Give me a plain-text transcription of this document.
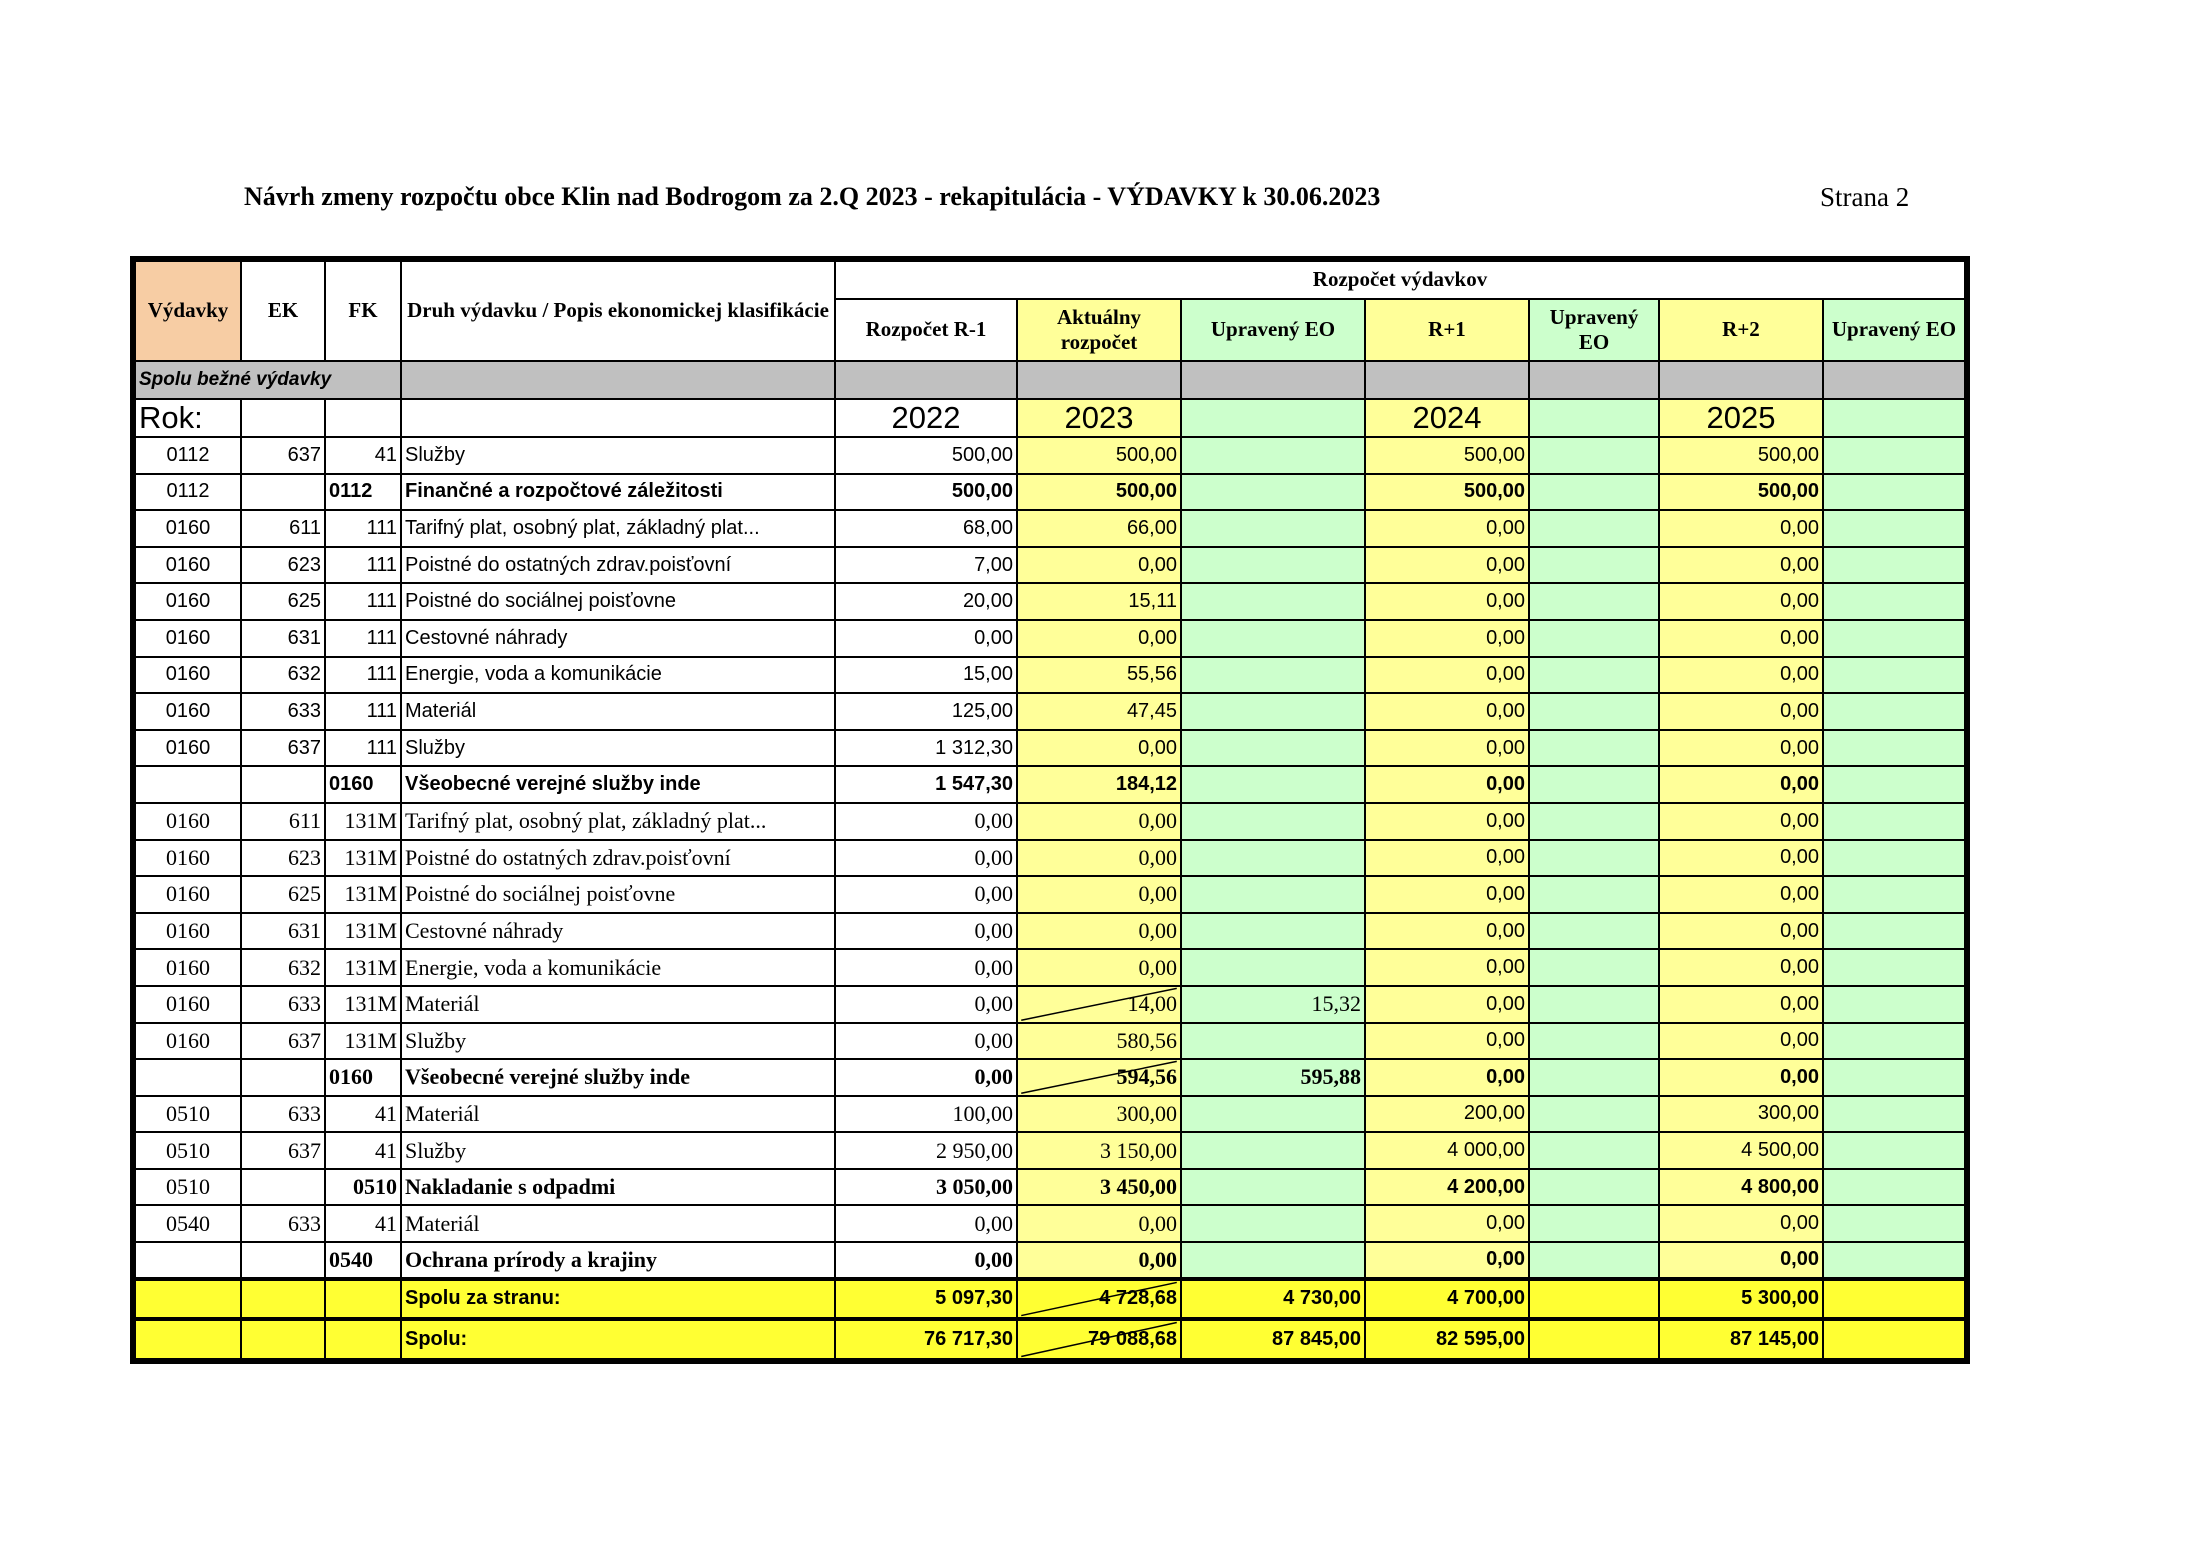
Návrh zmeny rozpočtu obce Klin nad Bodrogom za 2.Q 2023 - rekapitulácia - VÝDAVKY k 30.06.2023	Strana 2
Výdavky	EK	FK	Druh výdavku / Popis ekonomickej klasifikácie	Rozpočet výdavkov						
				Rozpočet R-1	Aktuálny rozpočet	Upravený EO	R+1	Upravený EO	R+2	Upravený EO
Spolu bežné výdavky										
Rok:				2022	2023		2024		2025	
0112	637	41	Služby	500,00	500,00		500,00		500,00	
0112		0112	Finančné a rozpočtové záležitosti	500,00	500,00		500,00		500,00	
0160	611	111	Tarifný plat, osobný plat, základný plat...	68,00	66,00		0,00		0,00	
0160	623	111	Poistné do ostatných zdrav.poisťovní	7,00	0,00		0,00		0,00	
0160	625	111	Poistné do sociálnej poisťovne	20,00	15,11		0,00		0,00	
0160	631	111	Cestovné náhrady	0,00	0,00		0,00		0,00	
0160	632	111	Energie, voda a komunikácie	15,00	55,56		0,00		0,00	
0160	633	111	Materiál	125,00	47,45		0,00		0,00	
0160	637	111	Služby	1 312,30	0,00		0,00		0,00	
		0160	Všeobecné verejné služby inde	1 547,30	184,12		0,00		0,00	
0160	611	131M	Tarifný plat, osobný plat, základný plat...	0,00	0,00		0,00		0,00	
0160	623	131M	Poistné do ostatných zdrav.poisťovní	0,00	0,00		0,00		0,00	
0160	625	131M	Poistné do sociálnej poisťovne	0,00	0,00		0,00		0,00	
0160	631	131M	Cestovné náhrady	0,00	0,00		0,00		0,00	
0160	632	131M	Energie, voda a komunikácie	0,00	0,00		0,00		0,00	
0160	633	131M	Materiál	0,00	14,00	15,32	0,00		0,00	
0160	637	131M	Služby	0,00	580,56		0,00		0,00	
		0160	Všeobecné verejné služby inde	0,00	594,56	595,88	0,00		0,00	
0510	633	41	Materiál	100,00	300,00		200,00		300,00	
0510	637	41	Služby	2 950,00	3 150,00		4 000,00		4 500,00	
0510		0510	Nakladanie s odpadmi	3 050,00	3 450,00		4 200,00		4 800,00	
0540	633	41	Materiál	0,00	0,00		0,00		0,00	
		0540	Ochrana prírody a krajiny	0,00	0,00		0,00		0,00	
			Spolu za stranu:	5 097,30	4 728,68	4 730,00	4 700,00		5 300,00	
			Spolu:	76 717,30	79 088,68	87 845,00	82 595,00		87 145,00	
